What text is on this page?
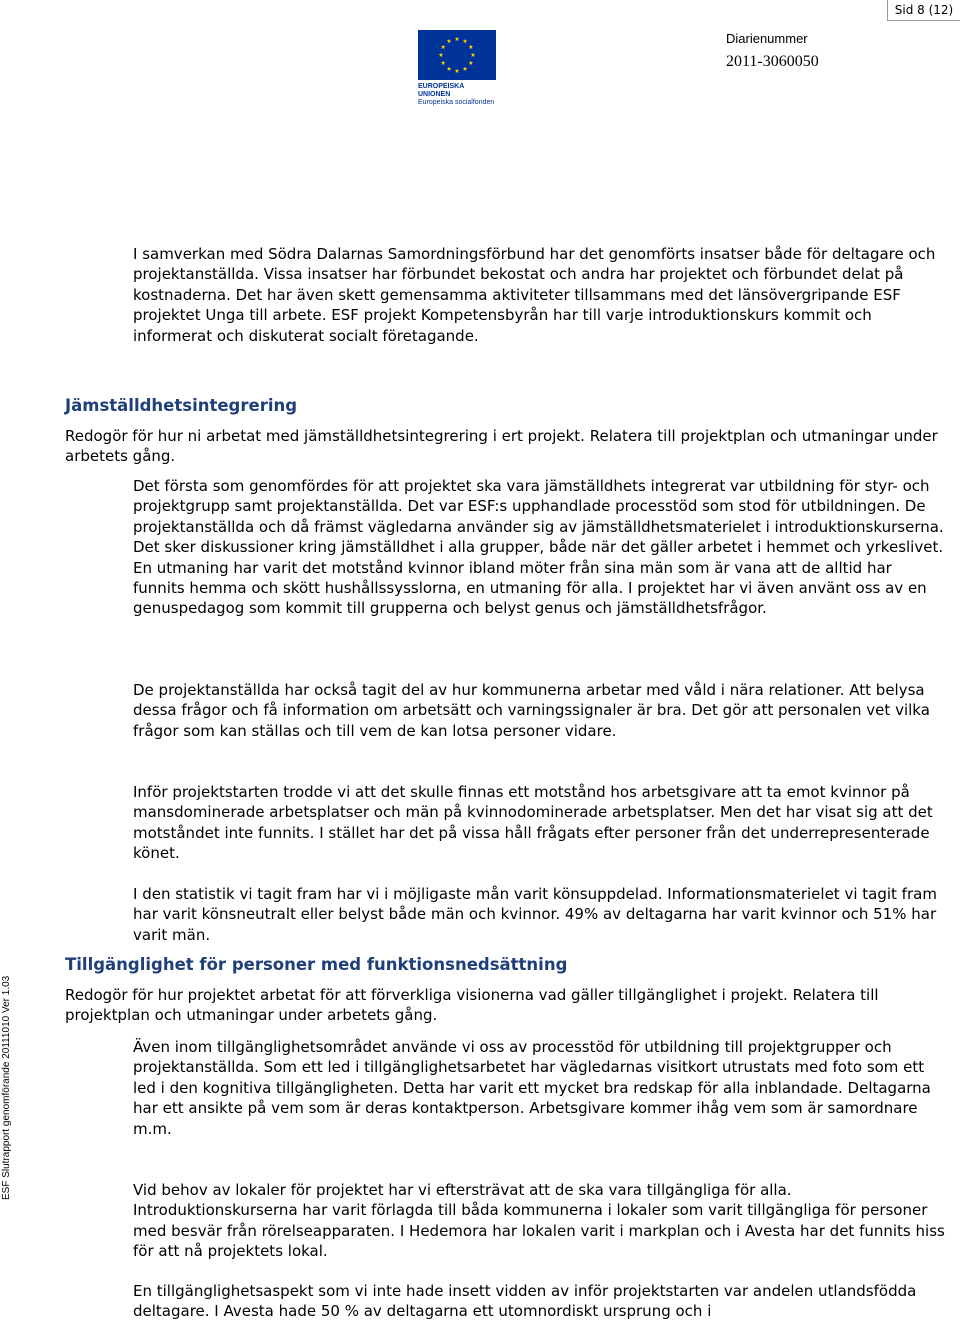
Sid 8 (12)
EUROPEISKA UNIONEN
Europeiska socialfonden
Diarienummer
2011-3060050
ESF Slutrapport genomförande 20111010 Ver 1.03

I samverkan med Södra Dalarnas Samordningsförbund har det genomförts insatser både för deltagare och projektanställda. Vissa insatser har förbundet bekostat och andra har projektet och förbundet delat på kostnaderna. Det har även skett gemensamma aktiviteter tillsammans med det länsövergripande ESF projektet Unga till arbete. ESF projekt Kompetensbyrån har till varje introduktionskurs kommit och informerat och diskuterat socialt företagande.

Jämställdhetsintegrering

Redogör för hur ni arbetat med jämställdhetsintegrering i ert projekt. Relatera till projektplan och utmaningar under arbetets gång.

Det första som genomfördes för att projektet ska vara jämställdhets integrerat var utbildning för styr- och projektgrupp samt projektanställda. Det var ESF:s upphandlade processtöd som stod för utbildningen. De projektanställda och då främst vägledarna använder sig av jämställdhetsmaterielet i introduktionskurserna. Det sker diskussioner kring jämställdhet i alla grupper, både när det gäller arbetet i hemmet och yrkeslivet. En utmaning har varit det motstånd kvinnor ibland möter från sina män som är vana att de alltid har funnits hemma och skött hushållssysslorna, en utmaning för alla. I projektet har vi även använt oss av en genuspedagog som kommit till grupperna och belyst genus och jämställdhetsfrågor.

De projektanställda har också tagit del av hur kommunerna arbetar med våld i nära relationer. Att belysa dessa frågor och få information om arbetsätt och varningssignaler är bra. Det gör att personalen vet vilka frågor som kan ställas och till vem de kan lotsa personer vidare.

Inför projektstarten trodde vi att det skulle finnas ett motstånd hos arbetsgivare att ta emot kvinnor på mansdominerade arbetsplatser och män på kvinnodominerade arbetsplatser. Men det har visat sig att det motståndet inte funnits. I stället har det på vissa håll frågats efter personer från det underrepresenterade könet.

I den statistik vi tagit fram har vi i möjligaste mån varit könsuppdelad. Informationsmaterielet vi tagit fram har varit könsneutralt eller belyst både män och kvinnor. 49% av deltagarna har varit kvinnor och 51% har varit män.

Tillgänglighet för personer med funktionsnedsättning

Redogör för hur projektet arbetat för att förverkliga visionerna vad gäller tillgänglighet i projekt. Relatera till projektplan och utmaningar under arbetets gång.

Även inom tillgänglighetsområdet använde vi oss av processtöd för utbildning till projektgrupper och projektanställda. Som ett led i tillgänglighetsarbetet har vägledarnas visitkort utrustats med foto som ett led i den kognitiva tillgängligheten. Detta har varit ett mycket bra redskap för alla inblandade. Deltagarna har ett ansikte på vem som är deras kontaktperson. Arbetsgivare kommer ihåg vem som är samordnare m.m.

Vid behov av lokaler för projektet har vi eftersträvat att de ska vara tillgängliga för alla. Introduktionskurserna har varit förlagda till båda kommunerna i lokaler som varit tillgängliga för personer med besvär från rörelseapparaten. I Hedemora har lokalen varit i markplan och i Avesta har det funnits hiss för att nå projektets lokal.

En tillgänglighetsaspekt som vi inte hade insett vidden av inför projektstarten var andelen utlandsfödda deltagare. I Avesta hade 50 % av deltagarna ett utomnordiskt ursprung och i
